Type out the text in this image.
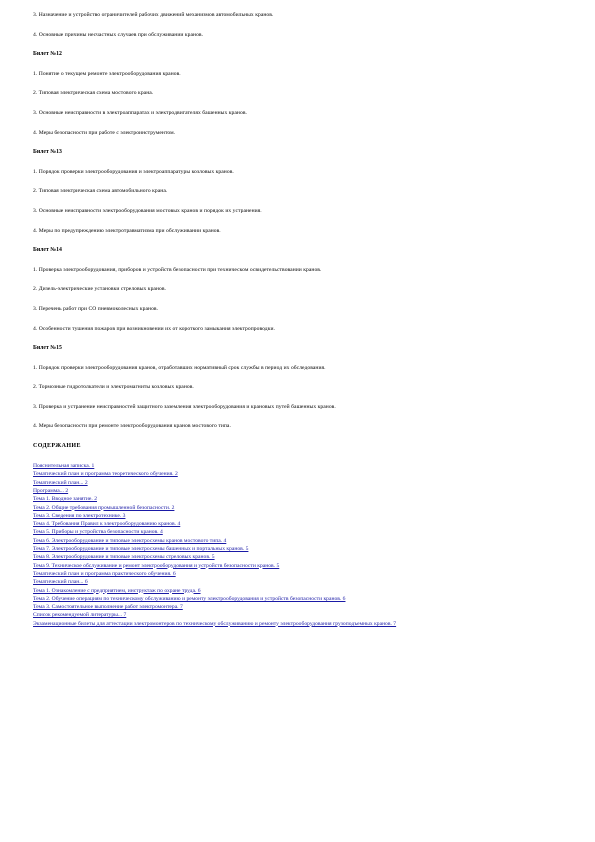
3. Назначение и устройство ограничителей рабочих движений механизмов автомобильных кранов.

4. Основные причины несчастных случаев при обслуживании кранов.

Билет №12

1. Понятие о текущем ремонте электрооборудования кранов.

2. Типовая электрическая схема мостового крана.

3. Основные неисправности в электроаппаратах и электродвигателях башенных кранов.

4. Меры безопасности при работе с электроинструментом.

Билет №13

1. Порядок проверки электрооборудования и электроаппаратуры козловых кранов.

2. Типовая электрическая схема автомобильного крана.

3. Основные неисправности электрооборудования мостовых кранов и порядок их устранения.

4. Меры по предупреждению электротравматизма при обслуживании кранов.

Билет №14

1. Проверка электрооборудования, приборов и устройств безопасности при техническом освидетельствовании кранов.

2. Дизель-электрические установки стреловых кранов.

3. Перечень работ при СО пневмоколесных кранов.

4. Особенности тушения пожаров при возникновении их от короткого замыкания электропроводки.

Билет №15

1. Порядок проверки электрооборудования кранов, отработавших нормативный срок службы в период их обследования.

2. Тормозные гидротолкатели и электромагниты козловых кранов.

3. Проверка и устранение неисправностей защитного заземления электрооборудования и крановых путей башенных кранов.

4. Меры безопасности при ремонте электрооборудования кранов мостового типа.

СОДЕРЖАНИЕ

Пояснительная записка. 1
Тематический план и программа теоретического обучения. 2
Тематический план... 2
Программа... 2
Тема 1. Вводное занятие. 2
Тема 2. Общие требования промышленной безопасности. 2
Тема 3. Сведения по электротехнике. 3
Тема 4. Требования Правил к электрооборудованию кранов. 4
Тема 5. Приборы и устройства безопасности кранов. 4
Тема 6. Электрооборудование и типовые электросхемы кранов мостового типа. 4
Тема 7. Электрооборудование и типовые электросхемы башенных и портальных кранов. 5
Тема 8. Электрооборудование и типовые электросхемы стреловых кранов. 5
Тема 9. Техническое обслуживание и ремонт электрооборудования и устройств безопасности кранов. 5
Тематический план и программа практического обучения. 6
Тематический план... 6
Тема 1. Ознакомление с предприятием, инструктаж по охране труда. 6
Тема 2. Обучение операциям по техническому обслуживанию и ремонту электрооборудования и устройств безопасности кранов. 6
Тема 3. Самостоятельное выполнение работ электромонтера. 7
Список рекомендуемой литературы... 7
Экзаменационные билеты для аттестации электромонтеров по техническому обслуживанию и ремонту электрооборудования грузоподъемных кранов. 7
